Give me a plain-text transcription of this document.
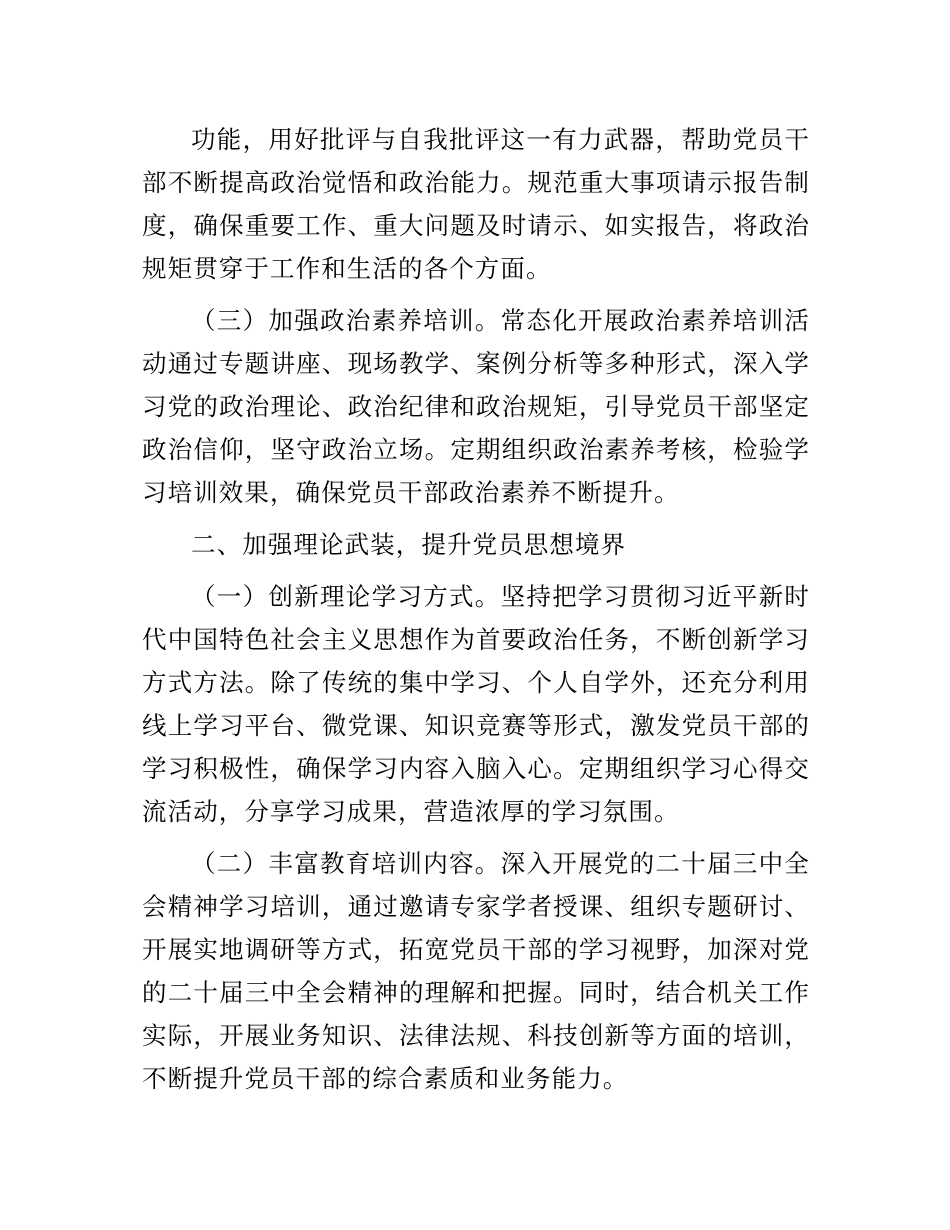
功能，用好批评与自我批评这一有力武器，帮助党员干部不断提高政治觉悟和政治能力。规范重大事项请示报告制度，确保重要工作、重大问题及时请示、如实报告，将政治规矩贯穿于工作和生活的各个方面。

（三）加强政治素养培训。常态化开展政治素养培训活动通过专题讲座、现场教学、案例分析等多种形式，深入学习党的政治理论、政治纪律和政治规矩，引导党员干部坚定政治信仰，坚守政治立场。定期组织政治素养考核，检验学习培训效果，确保党员干部政治素养不断提升。

二、加强理论武装，提升党员思想境界

（一）创新理论学习方式。坚持把学习贯彻习近平新时代中国特色社会主义思想作为首要政治任务，不断创新学习方式方法。除了传统的集中学习、个人自学外，还充分利用线上学习平台、微党课、知识竞赛等形式，激发党员干部的学习积极性，确保学习内容入脑入心。定期组织学习心得交流活动，分享学习成果，营造浓厚的学习氛围。

（二）丰富教育培训内容。深入开展党的二十届三中全会精神学习培训，通过邀请专家学者授课、组织专题研讨、开展实地调研等方式，拓宽党员干部的学习视野，加深对党的二十届三中全会精神的理解和把握。同时，结合机关工作实际，开展业务知识、法律法规、科技创新等方面的培训，不断提升党员干部的综合素质和业务能力。
